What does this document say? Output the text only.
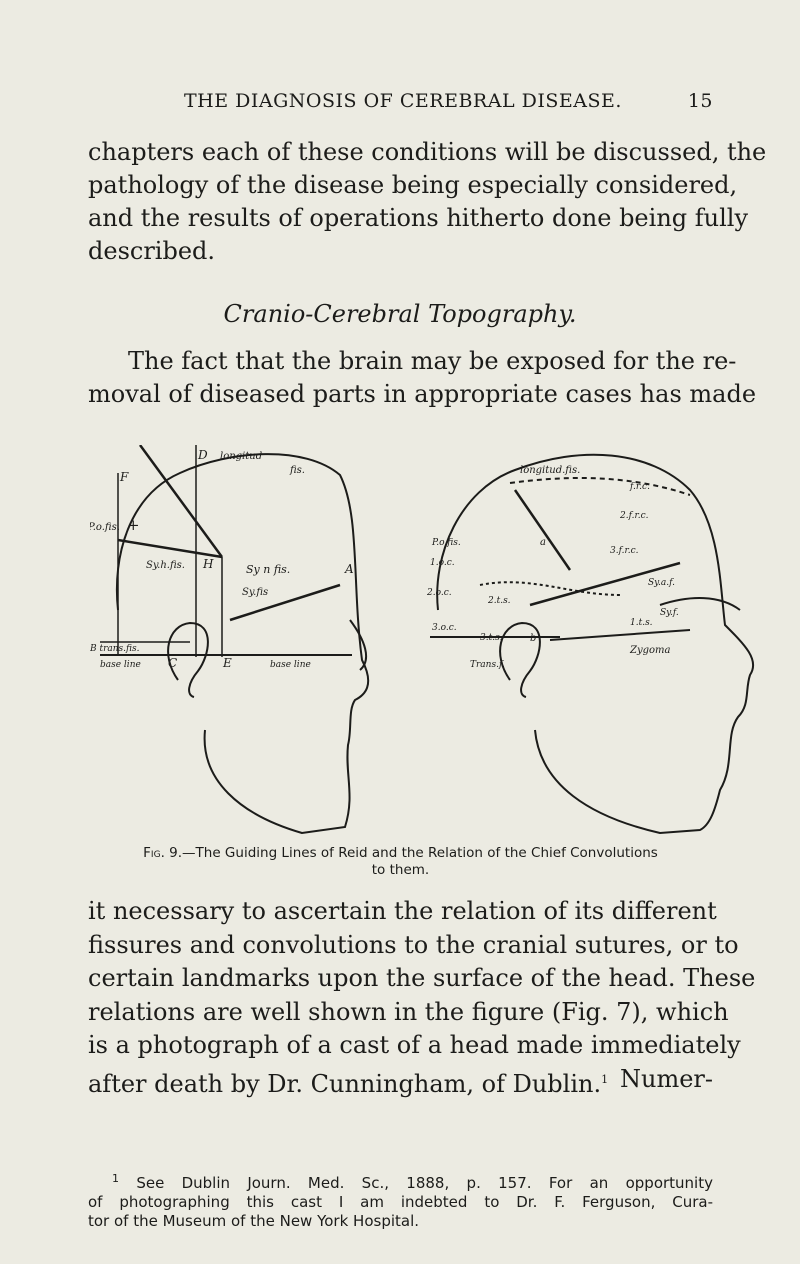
THE DIAGNOSIS OF CEREBRAL DISEASE.	15
chapters each of these conditions will be discussed, the
pathology of the disease being especially considered,
and the results of operations hitherto done being fully
described.
Cranio-Cerebral Topography.
The fact that the brain may be exposed for the re-
moval of diseased parts in appropriate cases has made
D
F
P.o.fis. +
Sy.h.fis. H	Sy n fis.
Sy.fis
A
B trans.fis.
base line C	E	base line
longitud
fis.	longitud.fis.
f.r.c.
2.f.r.c.
3.f.r.c.
P.o.fis.
1.o.c.
2.o.c.
3.o.c.
Trans.f.
Sy.a.f.
1.t.s.
2.t.s.
3.t.s.
Zygoma
Sy.f.
a
b
Fig. 9.—The Guiding Lines of Reid and the Relation of the Chief Convolutions
to them.
it necessary to ascertain the relation of its different
fissures and convolutions to the cranial sutures, or to
certain landmarks upon the surface of the head. These
relations are well shown in the figure (Fig. 7), which
is a photograph of a cast of a head made immediately
after death by Dr. Cunningham, of Dublin.$^1$ Numer-
$^1$ See Dublin Journ. Med. Sc., 1888, p. 157. For an opportunity
of photographing this cast I am indebted to Dr. F. Ferguson, Cura-
tor of the Museum of the New York Hospital.
